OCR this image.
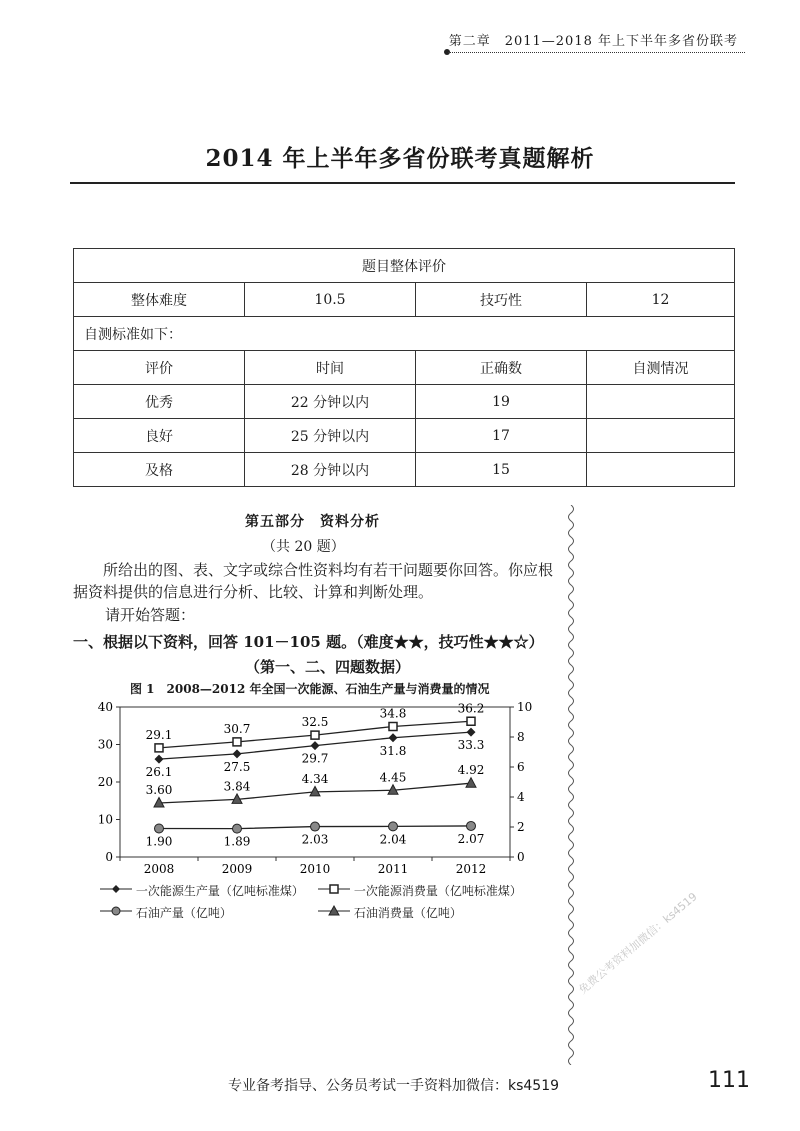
第二章　2011—2018 年上下半年多省份联考
2014 年上半年多省份联考真题解析
题目整体评价			
整体难度	10.5	技巧性	12
自测标准如下：			
评价	时间	正确数	自测情况
优秀	22 分钟以内	19	
良好	25 分钟以内	17	
及格	28 分钟以内	15	
第五部分　资料分析
（共 20 题）
所给出的图、表、文字或综合性资料均有若干问题要你回答。你应根据资料提供的信息进行分析、比较、计算和判断处理。
请开始答题：
一、根据以下资料，回答 101－105 题。（难度★★，技巧性★★☆）
（第一、二、四题数据）
图 1　2008—2012 年全国一次能源、石油生产量与消费量的情况
0
10
20
30
40
0
2
4
6
8
10
2008	2009	2010	2011	2012
26.1	27.5
29.7
31.8	33.3
29.1	30.7	32.5
34.8	36.2
1.90	1.89	2.03	2.04	2.07
3.60	3.84
4.34	4.45
4.92
一次能源生产量（亿吨标准煤）	一次能源消费量（亿吨标准煤）
石油产量（亿吨）	石油消费量（亿吨）
专业备考指导、公务员考试一手资料加微信：ks4519	111
免费公考资料加微信：ks4519
